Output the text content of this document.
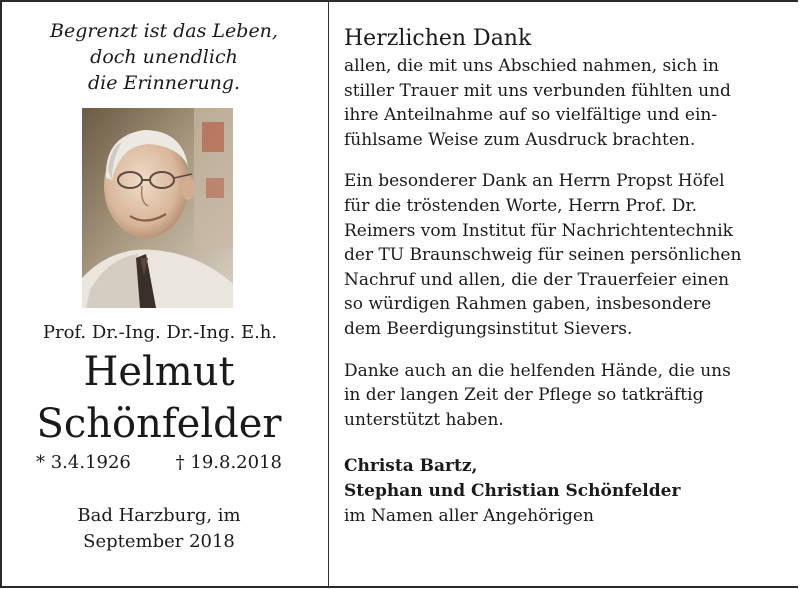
Begrenzt ist das Leben,
doch unendlich
die Erinnerung.
Prof. Dr.-Ing. Dr.-Ing. E.h.
Helmut
Schönfelder
* 3.4.1926 † 19.8.2018
Bad Harzburg, im
September 2018
Herzlichen Dank
allen, die mit uns Abschied nahmen, sich in
stiller Trauer mit uns verbunden fühlten und
ihre Anteilnahme auf so vielfältige und ein-
fühlsame Weise zum Ausdruck brachten.
Ein besonderer Dank an Herrn Propst Höfel
für die tröstenden Worte, Herrn Prof. Dr.
Reimers vom Institut für Nachrichtentechnik
der TU Braunschweig für seinen persönlichen
Nachruf und allen, die der Trauerfeier einen
so würdigen Rahmen gaben, insbesondere
dem Beerdigungsinstitut Sievers.
Danke auch an die helfenden Hände, die uns
in der langen Zeit der Pflege so tatkräftig
unterstützt haben.
Christa Bartz,
Stephan und Christian Schönfelder
im Namen aller Angehörigen
